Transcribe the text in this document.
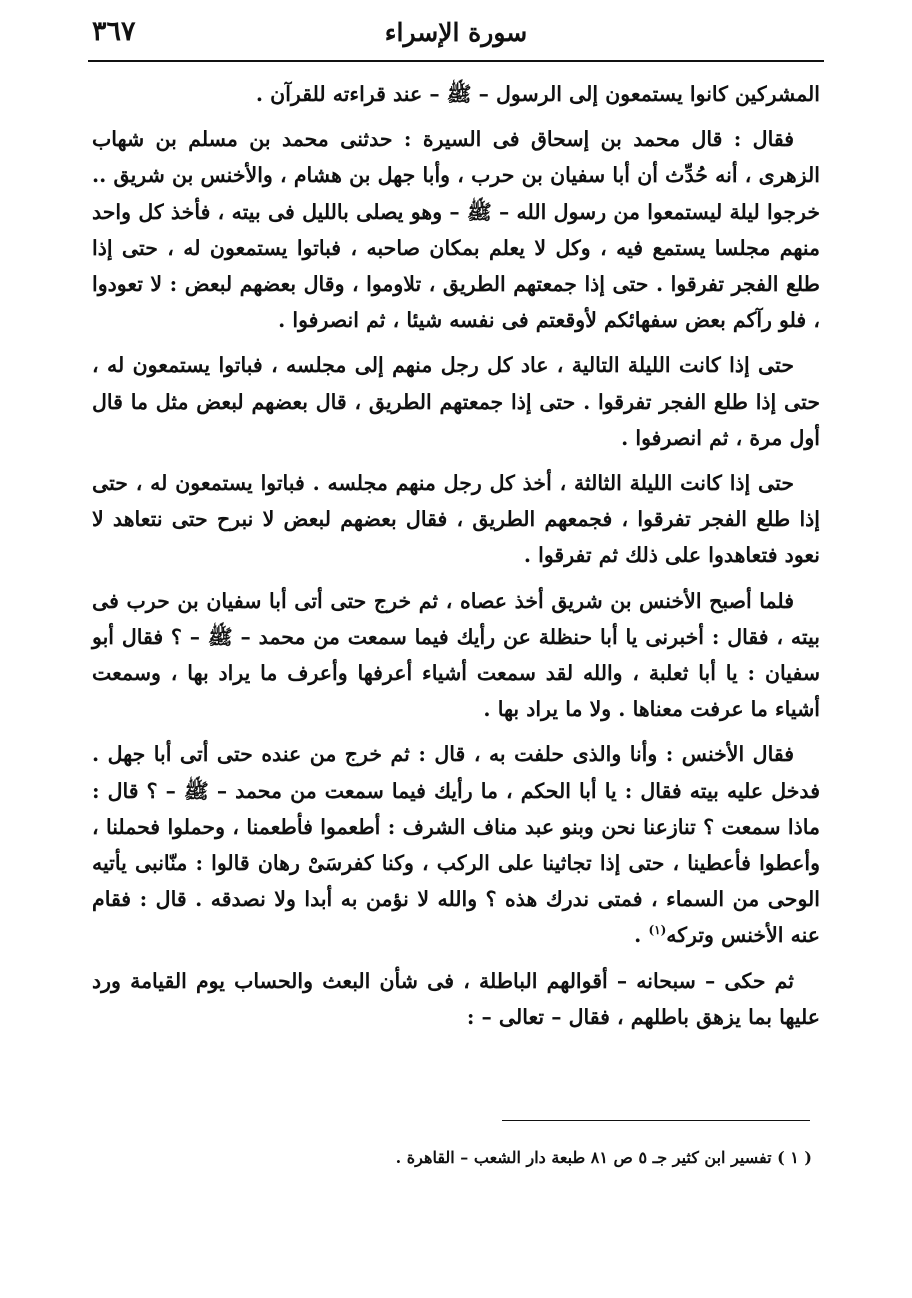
٣٦٧	سورة الإسراء

المشركين كانوا يستمعون إلى الرسول – ﷺ – عند قراءته للقرآن .

فقال : قال محمد بن إسحاق فى السيرة : حدثنى محمد بن مسلم بن شهاب الزهرى ، أنه حُدِّث أن أبا سفيان بن حرب ، وأبا جهل بن هشام ، والأخنس بن شريق .. خرجوا ليلة ليستمعوا من رسول الله – ﷺ – وهو يصلى بالليل فى بيته ، فأخذ كل واحد منهم مجلسا يستمع فيه ، وكل لا يعلم بمكان صاحبه ، فباتوا يستمعون له ، حتى إذا طلع الفجر تفرقوا . حتى إذا جمعتهم الطريق ، تلاوموا ، وقال بعضهم لبعض : لا تعودوا ، فلو رآكم بعض سفهائكم لأوقعتم فى نفسه شيئا ، ثم انصرفوا .

حتى إذا كانت الليلة التالية ، عاد كل رجل منهم إلى مجلسه ، فباتوا يستمعون له ، حتى إذا طلع الفجر تفرقوا . حتى إذا جمعتهم الطريق ، قال بعضهم لبعض مثل ما قال أول مرة ، ثم انصرفوا .

حتى إذا كانت الليلة الثالثة ، أخذ كل رجل منهم مجلسه . فباتوا يستمعون له ، حتى إذا طلع الفجر تفرقوا ، فجمعهم الطريق ، فقال بعضهم لبعض لا نبرح حتى نتعاهد لا نعود فتعاهدوا على ذلك ثم تفرقوا .

فلما أصبح الأخنس بن شريق أخذ عصاه ، ثم خرج حتى أتى أبا سفيان بن حرب فى بيته ، فقال : أخبرنى يا أبا حنظلة عن رأيك فيما سمعت من محمد – ﷺ – ؟ فقال أبو سفيان : يا أبا ثعلبة ، والله لقد سمعت أشياء أعرفها وأعرف ما يراد بها ، وسمعت أشياء ما عرفت معناها . ولا ما يراد بها .

فقال الأخنس : وأنا والذى حلفت به ، قال : ثم خرج من عنده حتى أتى أبا جهل . فدخل عليه بيته فقال : يا أبا الحكم ، ما رأيك فيما سمعت من محمد – ﷺ – ؟ قال : ماذا سمعت ؟ تنازعنا نحن وبنو عبد مناف الشرف : أطعموا فأطعمنا ، وحملوا فحملنا ، وأعطوا فأعطينا ، حتى إذا تجاثينا على الركب ، وكنا كفرسَىْ رهان قالوا : منّانبى يأتيه الوحى من السماء ، فمتى ندرك هذه ؟ والله لا نؤمن به أبدا ولا نصدقه . قال : فقام عنه الأخنس وتركه$^{(١)}$ .

ثم حكى – سبحانه – أقوالهم الباطلة ، فى شأن البعث والحساب يوم القيامة ورد عليها بما يزهق باطلهم ، فقال – تعالى – :

( ١ ) تفسير ابن كثير جـ ٥ ص ٨١ طبعة دار الشعب – القاهرة .
